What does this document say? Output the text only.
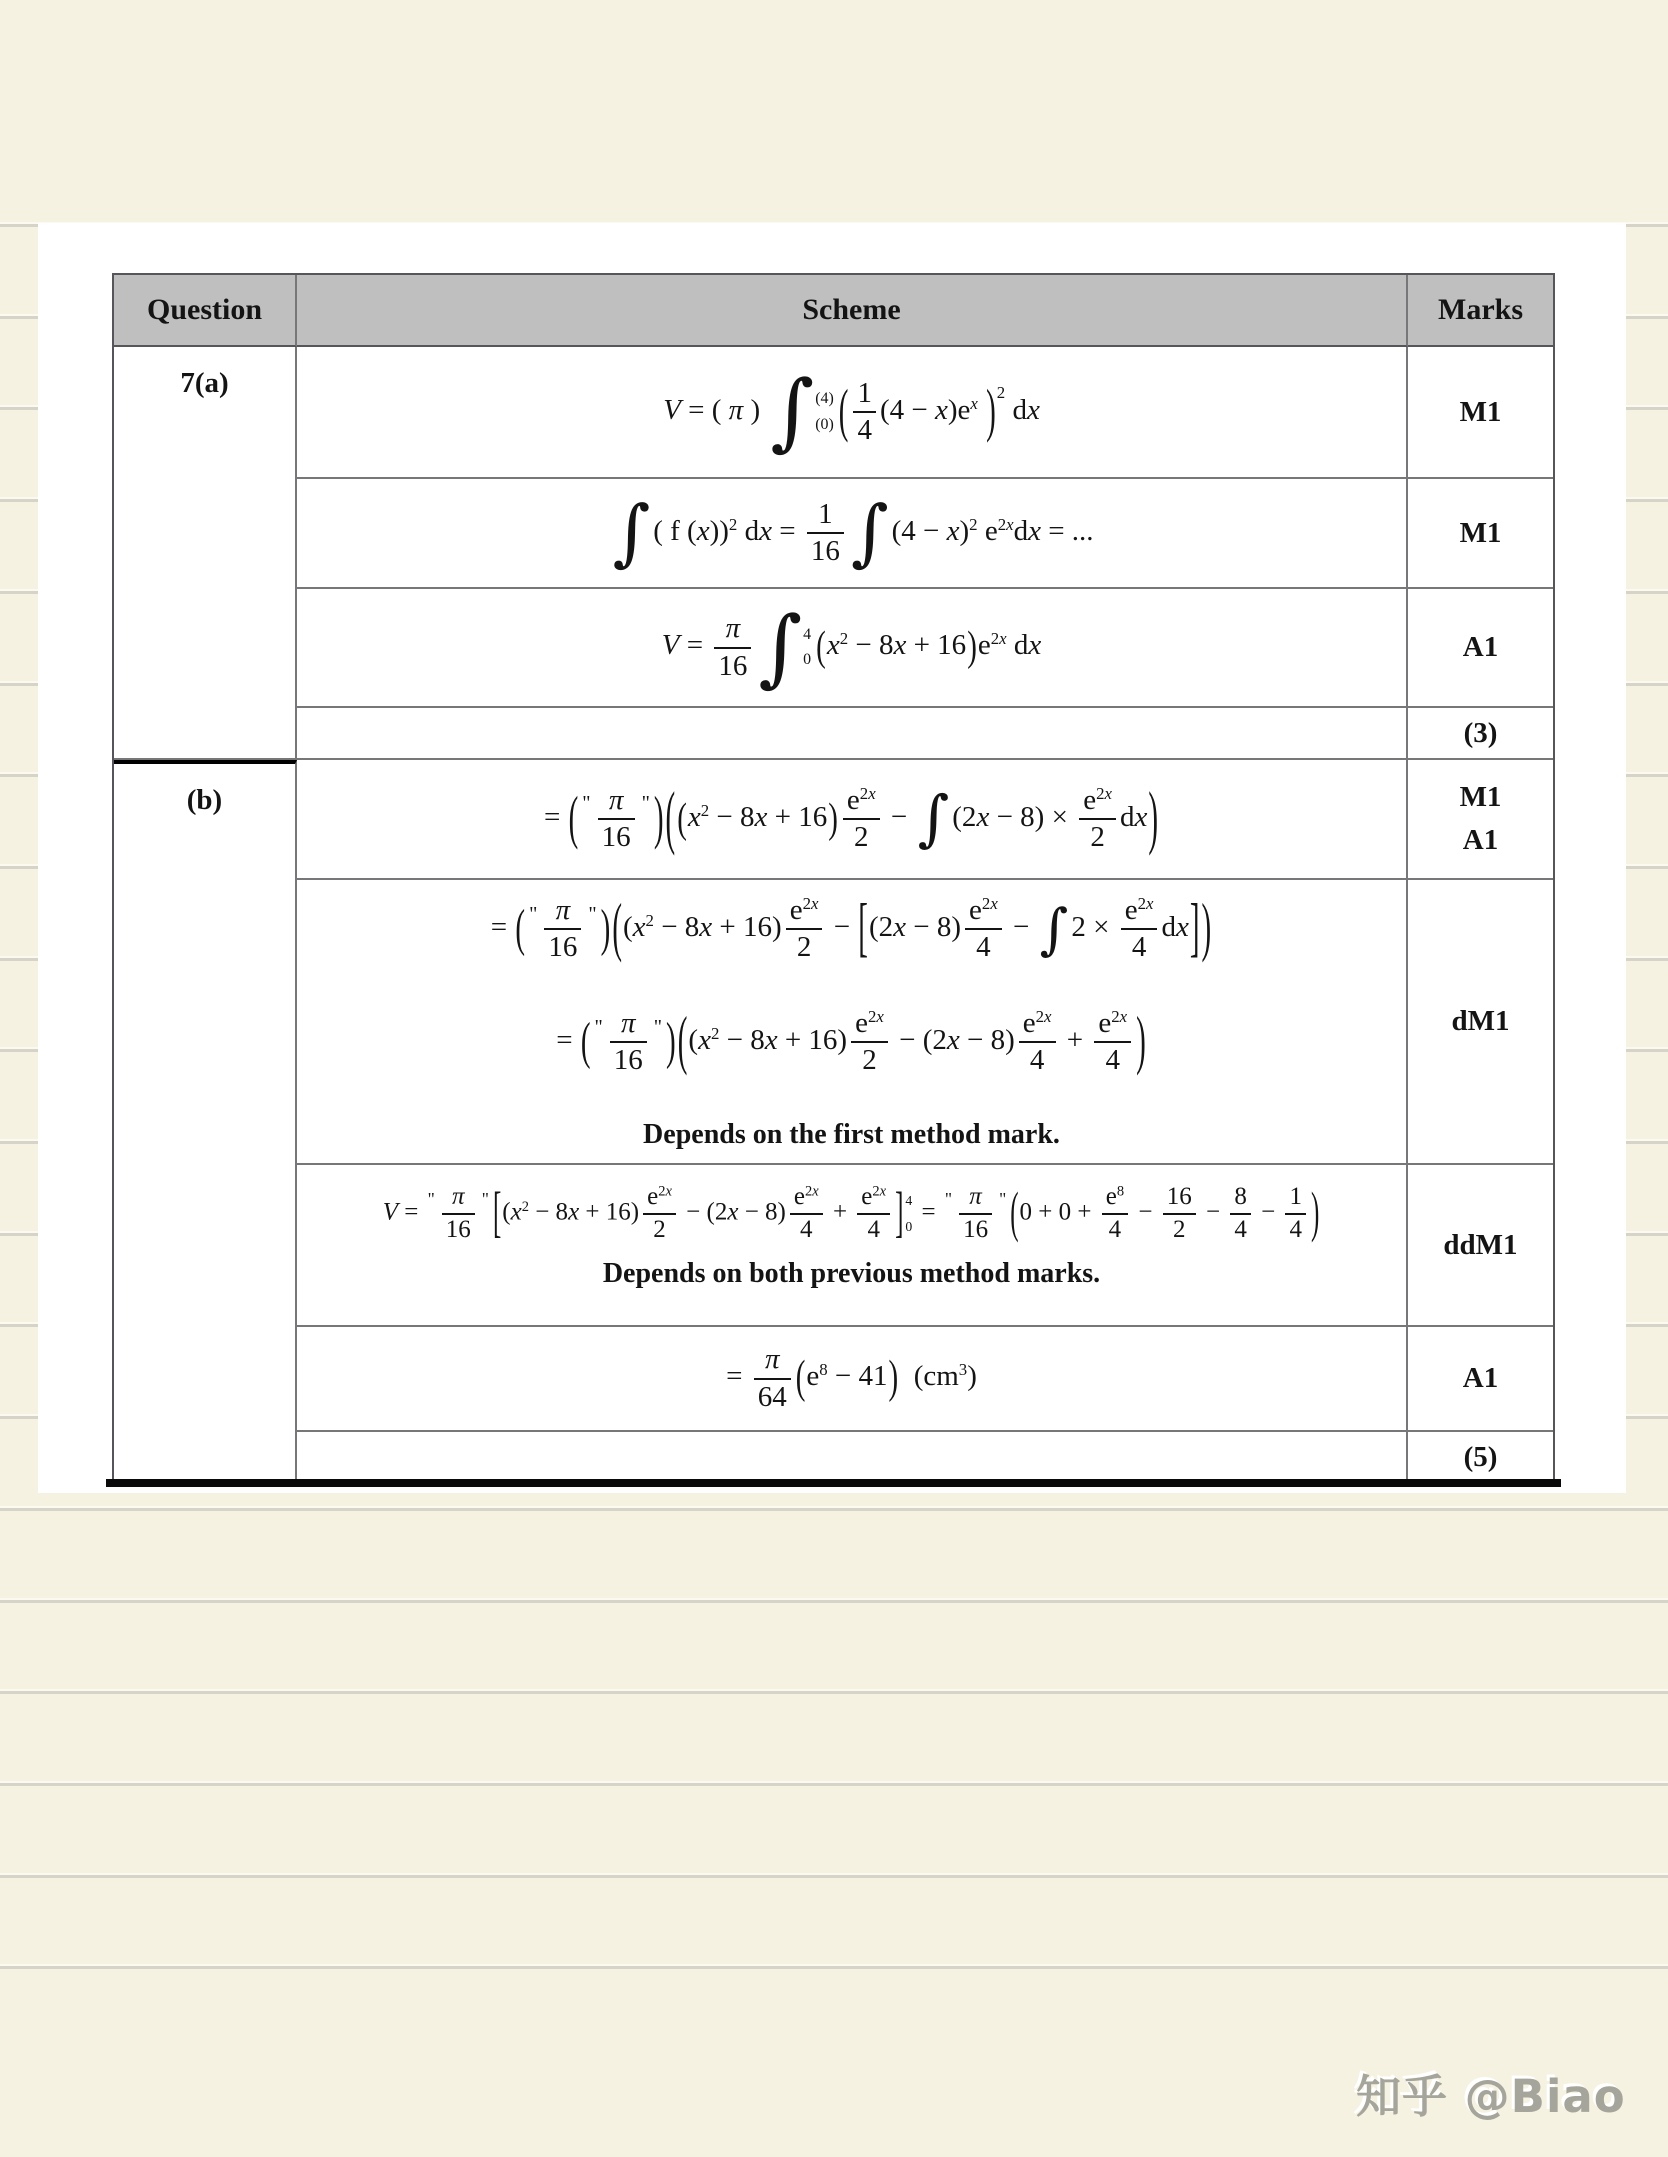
Question	Scheme	Marks
7(a)
(b)
V = ( π ) ∫ (4)
(0) ( $\frac{1}{4} (4 - x)e^x$ )$^2$ dx
∫ ( f (x))$^2$ dx = $\frac{1}{16}$ ∫ $(4 - x)^2$ $e^{2x}dx$ = ...
$V = \frac{\pi}{16}$ ∫ 4
0 $(x^2 - 8x + 16)e^{2x}$ dx
= ( $^" \frac{\pi}{16} ^"$ )($(x^2 - 8x + 16) \frac{e^{2x}}{2}$ − ∫ $(2x - 8) \times \frac{e^{2x}}{2} dx$)
= ( $^" \frac{\pi}{16} ^"$ )($(x^2 - 8x + 16) \frac{e^{2x}}{2} - [(2x - 8) \frac{e^{2x}}{4}$ − ∫ $2 \times \frac{e^{2x}}{4} dx$])
= ( $^" \frac{\pi}{16} ^"$ )($(x^2 - 8x + 16) \frac{e^{2x}}{2} - (2x - 8) \frac{e^{2x}}{4} + \frac{e^{2x}}{4}$ )
Depends on the first method mark.
$V = ^" \frac{\pi}{16} ^"$ [$(x^2 - 8x + 16) \frac{e^{2x}}{2} - (2x - 8) \frac{e^{2x}}{4} + \frac{e^{2x}}{4}$ ] 4
0
= $^" \frac{\pi}{16} ^"$ ($0 + 0 + \frac{e^8}{4} - \frac{16}{2} - \frac{8}{4} - \frac{1}{4}$ )
Depends on both previous method marks.
= $\frac{\pi}{64} (e^8 - 41)$  $(cm^3)$
M1
M1
A1
(3)
M1
A1
dM1
ddM1
A1
(5)
知乎 @Biao
